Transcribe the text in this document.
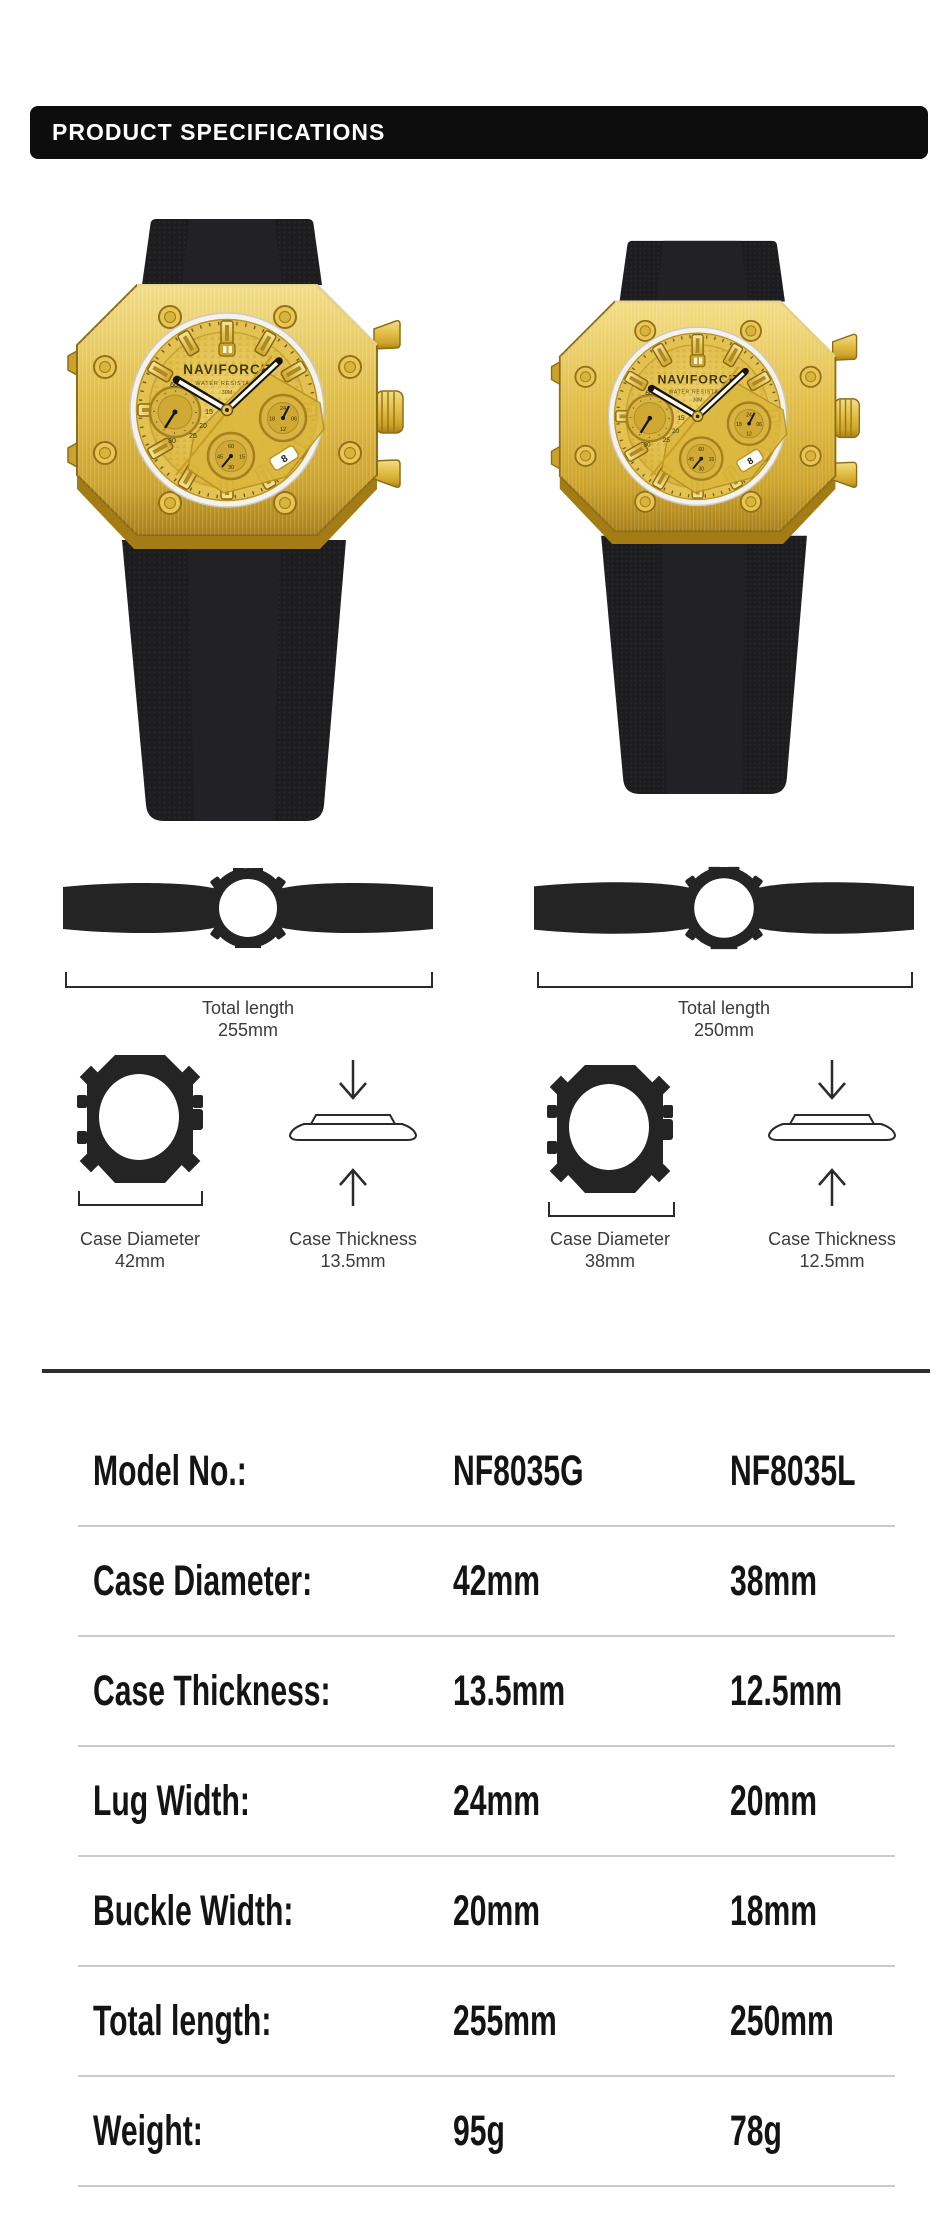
PRODUCT SPECIFICATIONS
Total length
255mm
Total length
250mm
Case Diameter
42mm
Case Thickness
13.5mm
Case Diameter
38mm
Case Thickness
12.5mm
Model No.:	NF8035G	NF8035L
Case Diameter:	42mm	38mm
Case Thickness:	13.5mm	12.5mm
Lug Width:	24mm	20mm
Buckle Width:	20mm	18mm
Total length:	255mm	250mm
Weight:	95g	78g
